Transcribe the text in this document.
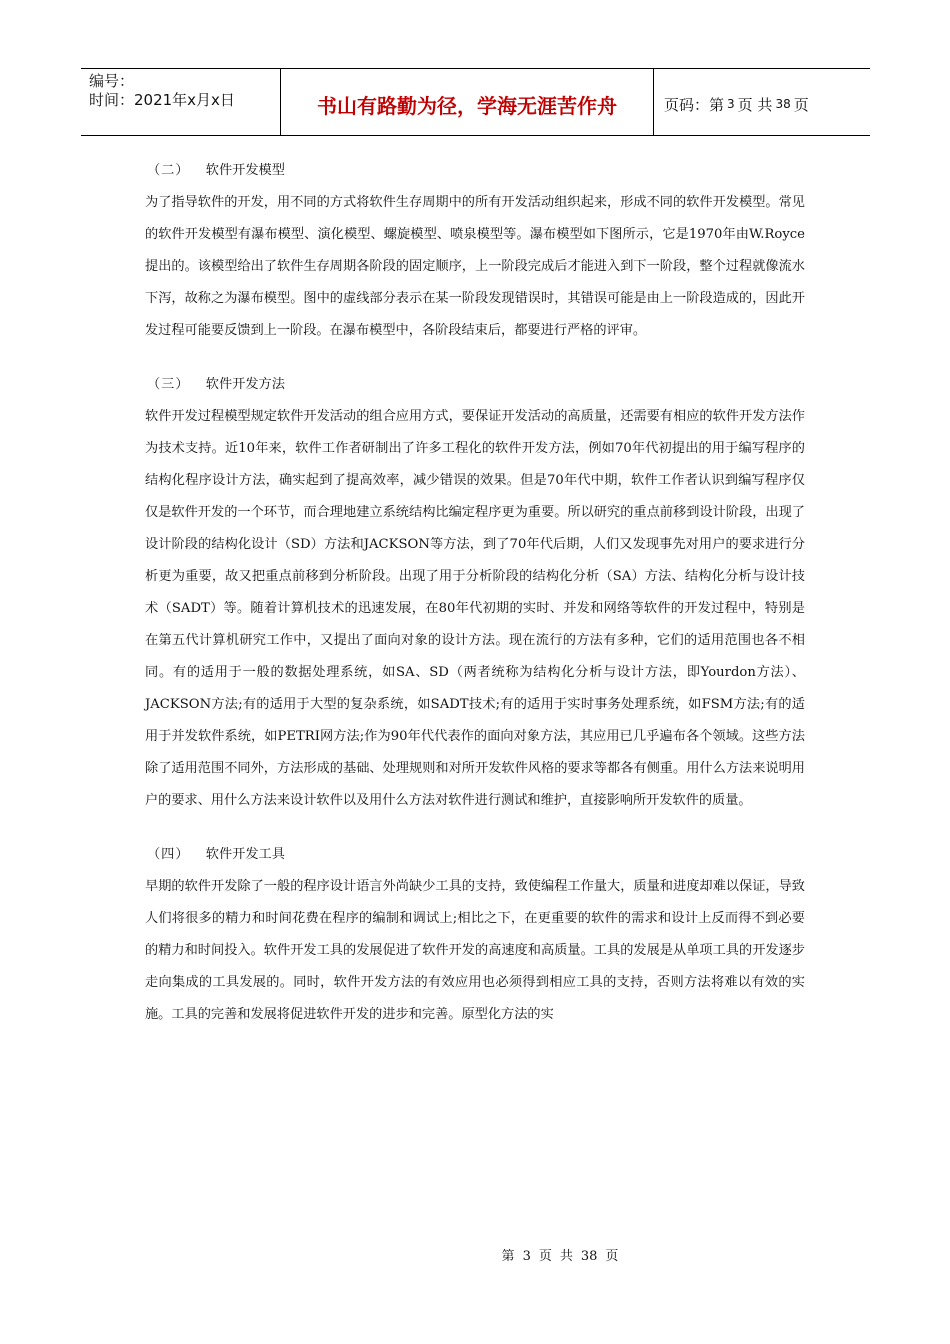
编号：
时间：2021年x月x日	书山有路勤为径，学海无涯苦作舟	页码：第 3 页 共 38 页
（二） 软件开发模型

为了指导软件的开发，用不同的方式将软件生存周期中的所有开发活动组织起来，形成不同的软件开发模型。常见的软件开发模型有瀑布模型、演化模型、螺旋模型、喷泉模型等。瀑布模型如下图所示，它是1970年由W.Royce提出的。该模型给出了软件生存周期各阶段的固定顺序，上一阶段完成后才能进入到下一阶段，整个过程就像流水下泻，故称之为瀑布模型。图中的虚线部分表示在某一阶段发现错误时，其错误可能是由上一阶段造成的，因此开发过程可能要反馈到上一阶段。在瀑布模型中，各阶段结束后，都要进行严格的评审。

（三） 软件开发方法

软件开发过程模型规定软件开发活动的组合应用方式，要保证开发活动的高质量，还需要有相应的软件开发方法作为技术支持。近10年来，软件工作者研制出了许多工程化的软件开发方法，例如70年代初提出的用于编写程序的结构化程序设计方法，确实起到了提高效率，减少错误的效果。但是70年代中期，软件工作者认识到编写程序仅仅是软件开发的一个环节，而合理地建立系统结构比编定程序更为重要。所以研究的重点前移到设计阶段，出现了设计阶段的结构化设计（SD）方法和JACKSON等方法，到了70年代后期，人们又发现事先对用户的要求进行分析更为重要，故又把重点前移到分析阶段。出现了用于分析阶段的结构化分析（SA）方法、结构化分析与设计技术（SADT）等。随着计算机技术的迅速发展，在80年代初期的实时、并发和网络等软件的开发过程中，特别是在第五代计算机研究工作中，又提出了面向对象的设计方法。现在流行的方法有多种，它们的适用范围也各不相同。有的适用于一般的数据处理系统，如SA、SD（两者统称为结构化分析与设计方法，即Yourdon方法）、JACKSON方法;有的适用于大型的复杂系统，如SADT技术;有的适用于实时事务处理系统，如FSM方法;有的适用于并发软件系统，如PETRI网方法;作为90年代代表作的面向对象方法，其应用已几乎遍布各个领域。这些方法除了适用范围不同外，方法形成的基础、处理规则和对所开发软件风格的要求等都各有侧重。用什么方法来说明用户的要求、用什么方法来设计软件以及用什么方法对软件进行测试和维护，直接影响所开发软件的质量。

（四） 软件开发工具

早期的软件开发除了一般的程序设计语言外尚缺少工具的支持，致使编程工作量大，质量和进度却难以保证，导致人们将很多的精力和时间花费在程序的编制和调试上;相比之下，在更重要的软件的需求和设计上反而得不到必要的精力和时间投入。软件开发工具的发展促进了软件开发的高速度和高质量。工具的发展是从单项工具的开发逐步走向集成的工具发展的。同时，软件开发方法的有效应用也必须得到相应工具的支持，否则方法将难以有效的实施。工具的完善和发展将促进软件开发的进步和完善。原型化方法的实

第 3 页 共 38 页
